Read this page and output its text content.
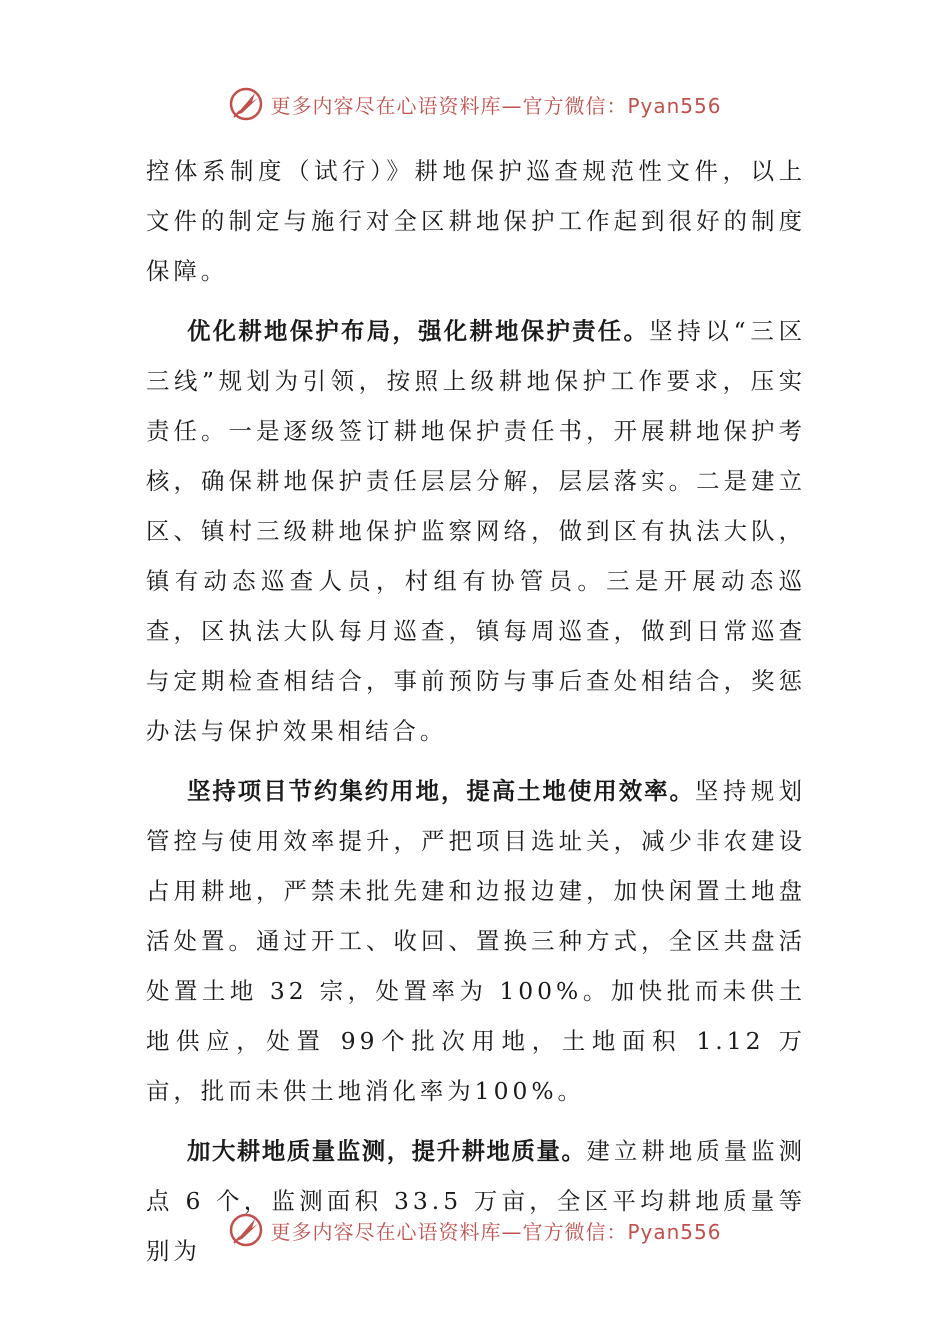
更多内容尽在心语资料库 —官方微信：Pyan556

控体系制度（试行）》耕地保护巡查规范性文件，以上文件的制定与施行对全区耕地保护工作起到很好的制度保障。

优化耕地保护布局，强化耕地保护责任。坚持以“三区三线”规划为引领，按照上级耕地保护工作要求，压实责任。一是逐级签订耕地保护责任书，开展耕地保护考核，确保耕地保护责任层层分解，层层落实。二是建立区、镇村三级耕地保护监察网络，做到区有执法大队，镇有动态巡查人员，村组有协管员。三是开展动态巡查，区执法大队每月巡查，镇每周巡查，做到日常巡查与定期检查相结合，事前预防与事后查处相结合，奖惩办法与保护效果相结合。

坚持项目节约集约用地，提高土地使用效率。坚持规划管控与使用效率提升，严把项目选址关，减少非农建设占用耕地，严禁未批先建和边报边建，加快闲置土地盘活处置。通过开工、收回、置换三种方式，全区共盘活处置土地 32 宗，处置率为 100%。加快批而未供土地供应，处置 99个批次用地，土地面积 1.12 万亩，批而未供土地消化率为100%。

加大耕地质量监测，提升耕地质量。建立耕地质量监测点 6 个，监测面积 33.5 万亩，全区平均耕地质量等别为

更多内容尽在心语资料库 —官方微信：Pyan556
